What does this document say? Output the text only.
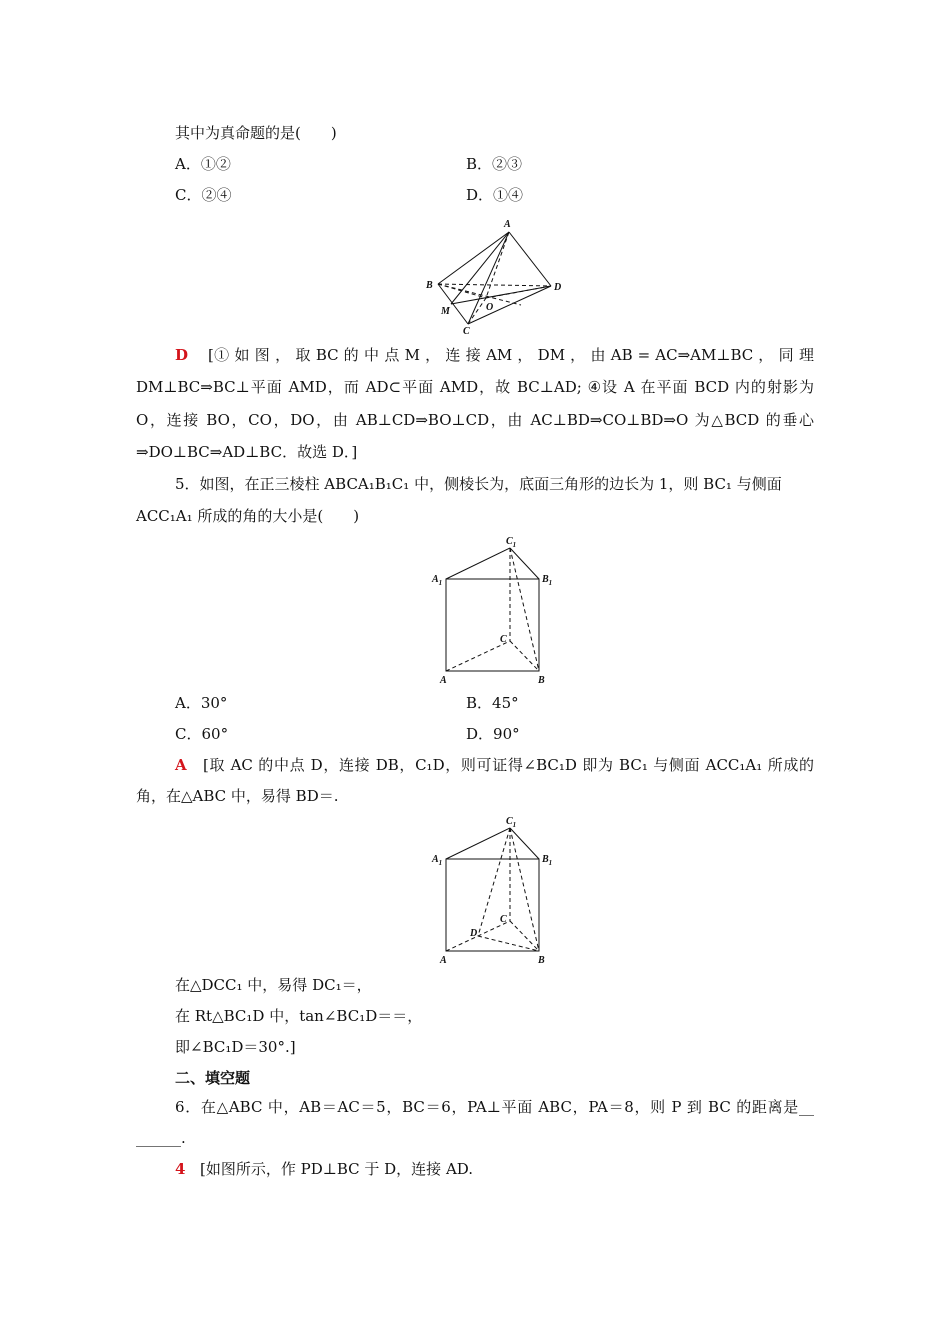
其中为真命题的是(　　)
A．①②	B．②③
C．②④	D．①④
A
B
C
D
M	O
D [① 如 图 ， 取 BC 的 中 点 M ， 连 接 AM ， DM ， 由 AB = AC⇒AM⊥BC ， 同 理
DM⊥BC⇒BC⊥平面 AMD，而 AD⊂平面 AMD，故 BC⊥AD; ④设 A 在平面 BCD 内的射影为
O，连接 BO，CO，DO，由 AB⊥CD⇒BO⊥CD，由 AC⊥BD⇒CO⊥BD⇒O 为△BCD 的垂心
⇒DO⊥BC⇒AD⊥BC．故选 D．]
5．如图，在正三棱柱 ABCA₁B₁C₁ 中，侧棱长为，底面三角形的边长为 1，则 BC₁ 与侧面
ACC₁A₁ 所成的角的大小是(　　)
$C_1$
$A_1$	$B_1$
C
A	B
A．30°	B．45°
C．60°	D．90°
A [取 AC 的中点 D，连接 DB，C₁D，则可证得∠BC₁D 即为 BC₁ 与侧面 ACC₁A₁ 所成的
角，在△ABC 中，易得 BD＝.
$C_1$
$A_1$	$B_1$
C
D
A	B
在△DCC₁ 中，易得 DC₁＝，
在 Rt△BC₁D 中，tan∠BC₁D＝＝，
即∠BC₁D＝30°.]
二、填空题
6．在△ABC 中，AB＝AC＝5，BC＝6，PA⊥平面 ABC，PA＝8，则 P 到 BC 的距离是__
______.
4 [如图所示，作 PD⊥BC 于 D，连接 AD.
